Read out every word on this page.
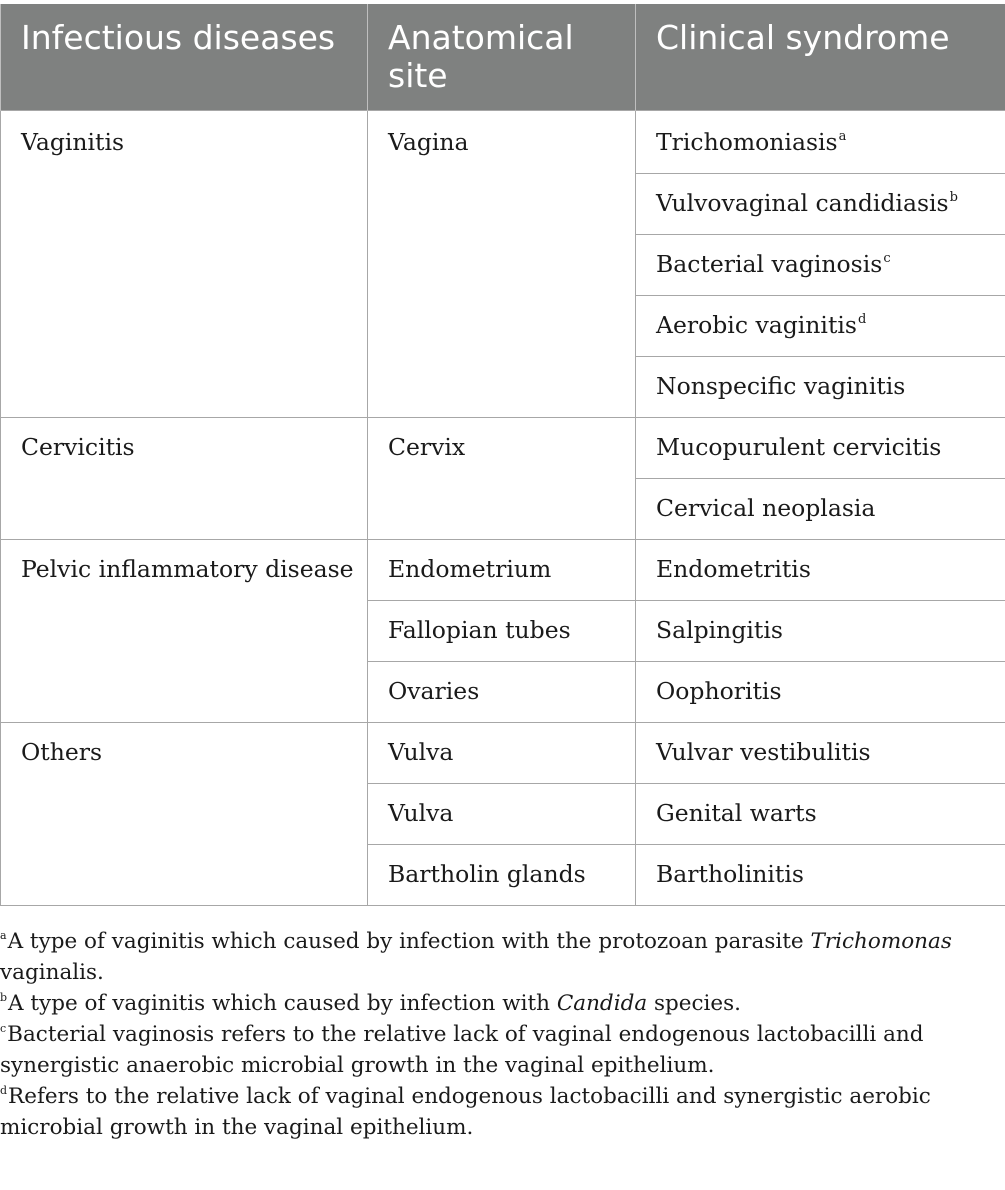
Infectious diseases	Anatomical site	Clinical syndrome
Vaginitis	Vagina	Trichomoniasis$^a$
		Vulvovaginal candidiasis$^b$
		Bacterial vaginosis$^c$
		Aerobic vaginitis$^d$
		Nonspecific vaginitis
Cervicitis	Cervix	Mucopurulent cervicitis
		Cervical neoplasia
Pelvic inflammatory disease	Endometrium	Endometritis
	Fallopian tubes	Salpingitis
	Ovaries	Oophoritis
Others	Vulva	Vulvar vestibulitis
	Vulva	Genital warts
	Bartholin glands	Bartholinitis

$^a$A type of vaginitis which caused by infection with the protozoan parasite Trichomonas vaginalis.

$^b$A type of vaginitis which caused by infection with Candida species.

$^c$Bacterial vaginosis refers to the relative lack of vaginal endogenous lactobacilli and synergistic anaerobic microbial growth in the vaginal epithelium.

$^d$Refers to the relative lack of vaginal endogenous lactobacilli and synergistic aerobic microbial growth in the vaginal epithelium.
